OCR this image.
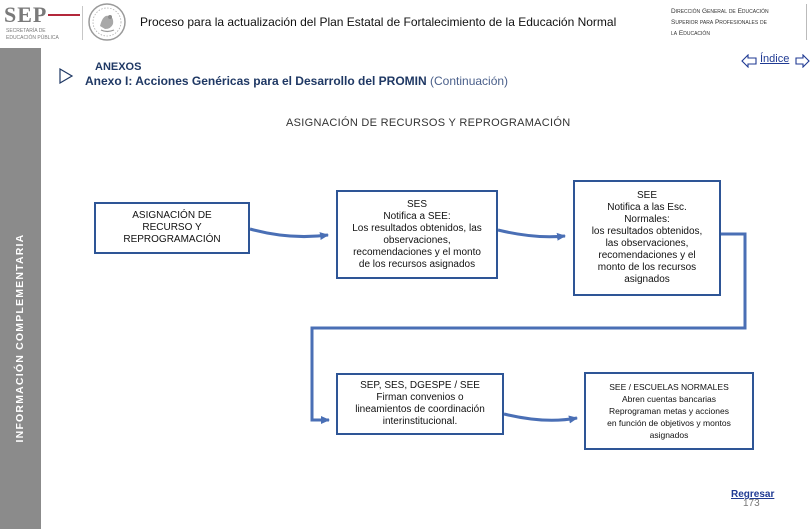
SEP
SECRETARÍA DE
EDUCACIÓN PÚBLICA
Proceso para la actualización del Plan Estatal de Fortalecimiento de la Educación Normal
Dirección General de Educación
Superior para Profesionales de
la Educación
INFORMACIÓN COMPLEMENTARIA
ANEXOS
Anexo I: Acciones Genéricas para el Desarrollo del PROMIN (Continuación)
Índice
ASIGNACIÓN DE RECURSOS Y REPROGRAMACIÓN
ASIGNACIÓN DE
RECURSO Y
REPROGRAMACIÓN
SES
Notifica a SEE:
Los resultados obtenidos, las
observaciones,
recomendaciones y el monto
de los recursos asignados
SEE
Notifica a las Esc.
Normales:
los resultados obtenidos,
las observaciones,
recomendaciones y el
monto de los recursos
asignados
SEP, SES, DGESPE / SEE
Firman convenios o
lineamientos de coordinación
interinstitucional.
SEE / ESCUELAS NORMALES
Abren cuentas bancarias
Reprograman metas y acciones
en función de objetivos y montos
asignados
Regresar
173
